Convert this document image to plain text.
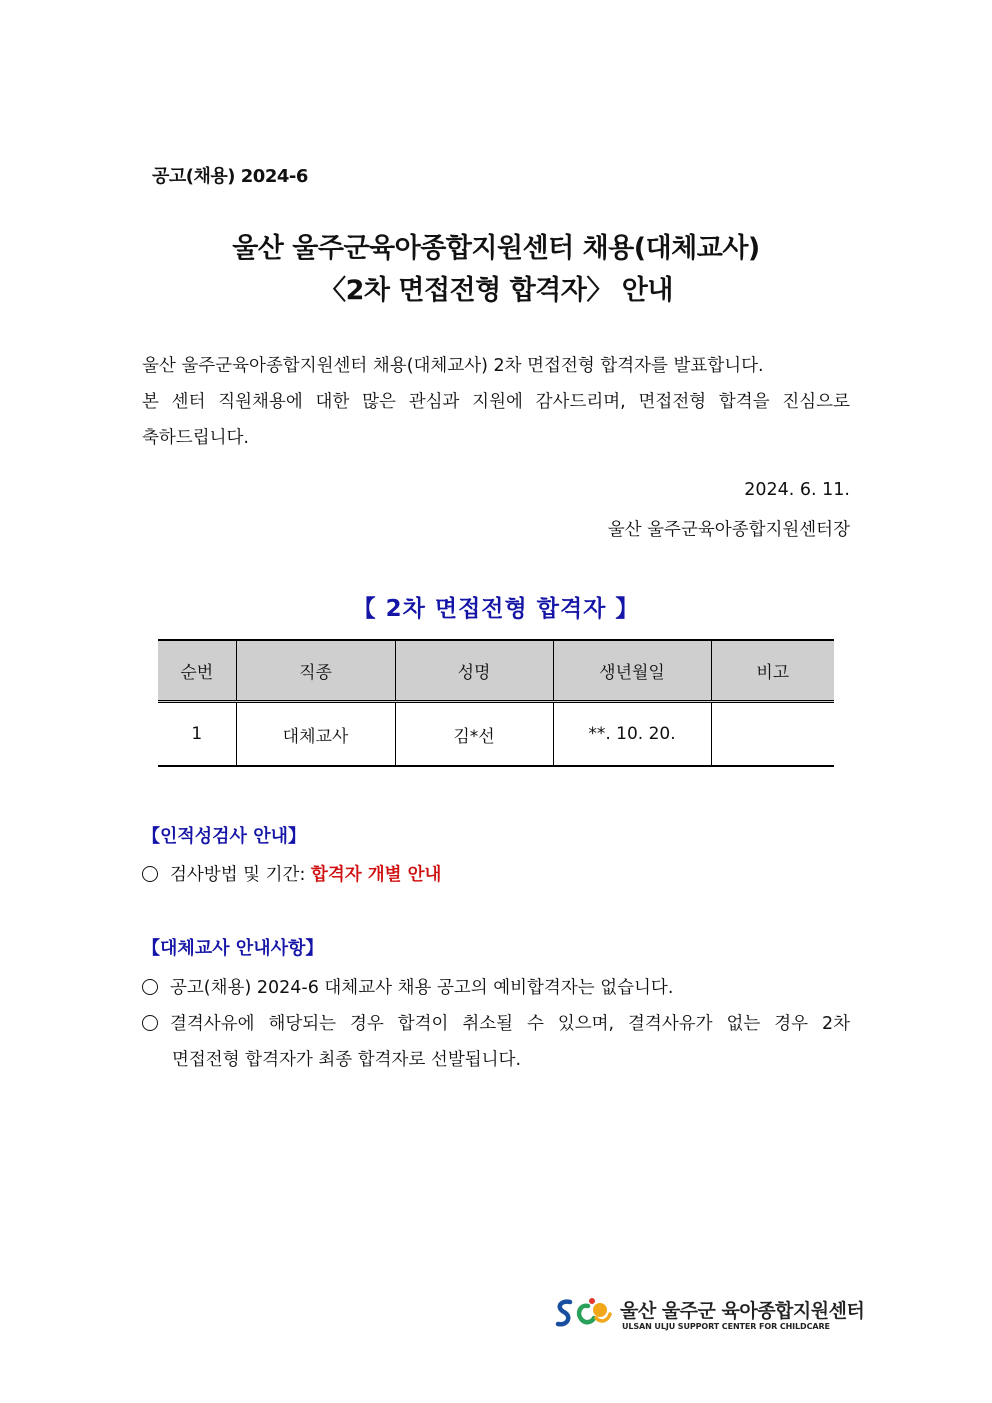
공고(채용) 2024-6
울산 울주군육아종합지원센터 채용(대체교사)
〈2차 면접전형 합격자〉 안내
울산 울주군육아종합지원센터 채용(대체교사) 2차 면접전형 합격자를 발표합니다.
본 센터 직원채용에 대한 많은 관심과 지원에 감사드리며, 면접전형 합격을 진심으로
축하드립니다.
2024. 6. 11.
울산 울주군육아종합지원센터장
【 2차 면접전형 합격자 】
순번	직종	성명	생년월일	비고
1	대체교사	김*선	**. 10. 20.	
【인적성검사 안내】
검사방법 및 기간: 합격자 개별 안내
【대체교사 안내사항】
공고(채용) 2024-6 대체교사 채용 공고의 예비합격자는 없습니다.
결격사유에 해당되는 경우 합격이 취소될 수 있으며, 결격사유가 없는 경우 2차
면접전형 합격자가 최종 합격자로 선발됩니다.
울산 울주군 육아종합지원센터
ULSAN ULJU SUPPORT CENTER FOR CHILDCARE
